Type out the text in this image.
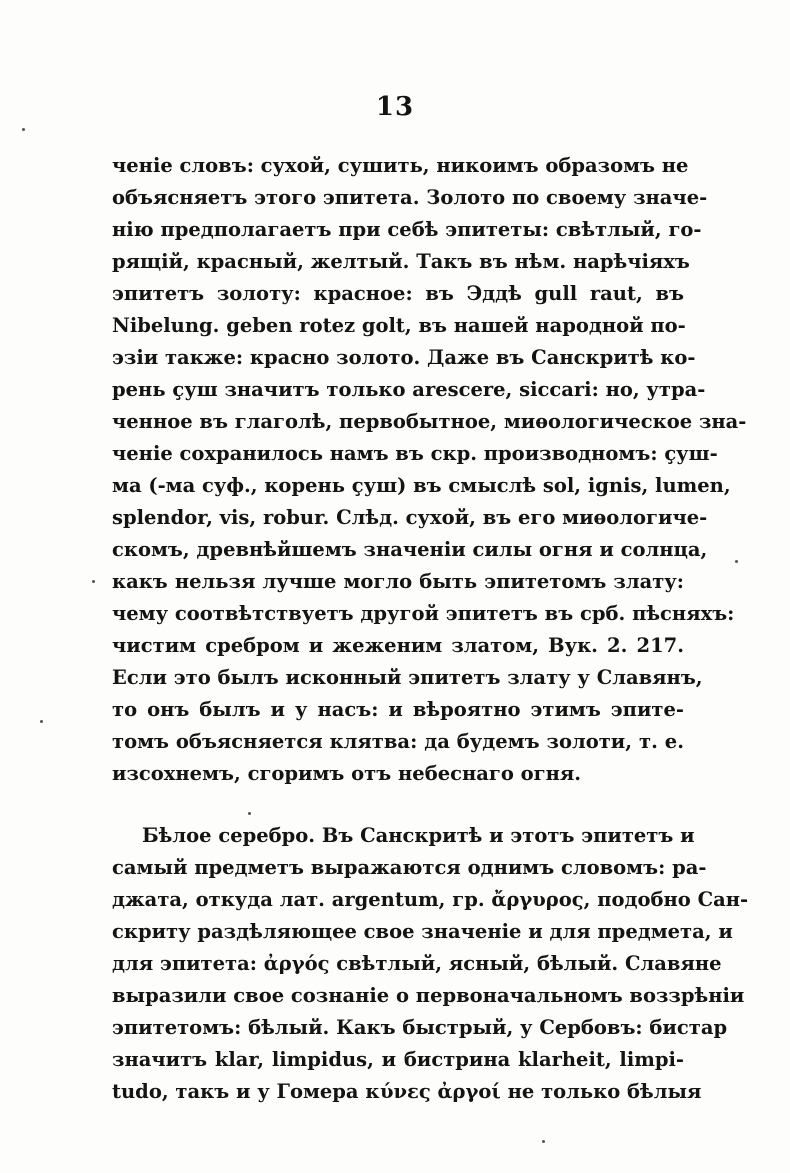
13
ченіе словъ: сухой, сушить, никоимъ образомъ не
объясняетъ этого эпитета. Золото по своему значе-
нію предполагаетъ при себѣ эпитеты: свѣтлый, го-
рящій, красный, желтый. Такъ въ нѣм. нарѣчіяхъ
эпитетъ золоту: красное: въ Эддѣ gull raut, въ
Nibelung. geben rotez golt, въ нашей народной по-
эзіи также: красно золото. Даже въ Санскритѣ ко-
рень çуш значитъ только arescere, siccari: но, утра-
ченное въ глаголѣ, первобытное, миѳологическое зна-
ченіе сохранилось намъ въ скр. производномъ: çуш-
ма (-ма суф., корень çуш) въ смыслѣ sol, ignis, lumen,
splendor, vis, robur. Слѣд. сухой, въ его миѳологиче-
скомъ, древнѣйшемъ значеніи силы огня и солнца,
какъ нельзя лучше могло быть эпитетомъ злату:
чему соотвѣтствуетъ другой эпитетъ въ срб. пѣсняхъ:
чистим сребром и жеженим златом, Вук. 2. 217.
Если это былъ исконный эпитетъ злату у Славянъ,
то онъ былъ и у насъ: и вѣроятно этимъ эпите-
томъ объясняется клятва: да будемъ золоти, т. е.
изсохнемъ, сгоримъ отъ небеснаго огня.
Бѣлое серебро. Въ Санскритѣ и этотъ эпитетъ и
самый предметъ выражаются однимъ словомъ: ра-
джата, откуда лат. argentum, гр. ἄργυρος, подобно Сан-
скриту раздѣляющее свое значеніе и для предмета, и
для эпитета: ἀργός свѣтлый, ясный, бѣлый. Славяне
выразили свое сознаніе о первоначальномъ воззрѣніи
эпитетомъ: бѣлый. Какъ быстрый, у Сербовъ: бистар
значитъ klar, limpidus, и бистрина klarheit, limpi-
tudo, такъ и у Гомера κύνες ἀργοί не только бѣлыя
